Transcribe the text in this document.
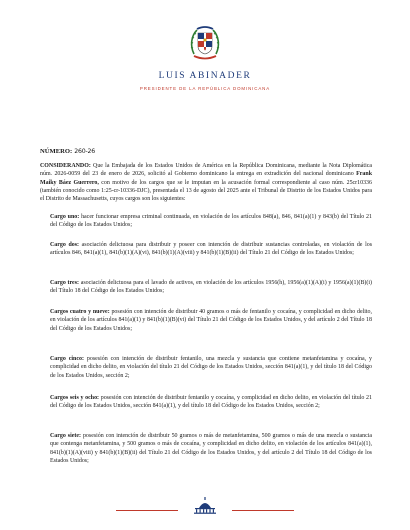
LUIS ABINADER
PRESIDENTE DE LA REPÚBLICA DOMINICANA
NÚMERO: 260-26
CONSIDERANDO: Que la Embajada de los Estados Unidos de América en la República Dominicana, mediante la Nota Diplomática núm. 2026-0059 del 23 de enero de 2026, solicitó al Gobierno dominicano la entrega en extradición del nacional dominicano Frank Maiky Báez Guerrero, con motivo de los cargos que se le imputan en la acusación formal correspondiente al caso núm. 25cr10336 (también conocido como 1:25-cr-10336-DJC), presentada el 13 de agosto del 2025 ante el Tribunal de Distrito de los Estados Unidos para el Distrito de Massachusetts, cuyos cargos son los siguientes:
Cargo uno: hacer funcionar empresa criminal continuada, en violación de los artículos 848(a), 846, 841(a)(1) y 843(b) del Título 21 del Código de los Estados Unidos;
Cargo dos: asociación delictuosa para distribuir y poseer con intención de distribuir sustancias controladas, en violación de los artículos 846, 841(a)(1), 841(b)(1)(A)(vi), 841(b)(1)(A)(viii) y 841(b)(1)(B)(ii) del Título 21 del Código de los Estados Unidos;
Cargo tres: asociación delictuosa para el lavado de activos, en violación de los artículos 1956(h), 1956(a)(1)(A)(i) y 1956(a)(1)(B)(i) del Título 18 del Código de los Estados Unidos;
Cargos cuatro y nueve: posesión con intención de distribuir 40 gramos o más de fentanilo y cocaína, y complicidad en dicho delito, en violación de los artículos 841(a)(1) y 841(b)(1)(B)(vi) del Título 21 del Código de los Estados Unidos, y del artículo 2 del Título 18 del Código de los Estados Unidos;
Cargo cinco: posesión con intención de distribuir fentanilo, una mezcla y sustancia que contiene metanfetamina y cocaína, y complicidad en dicho delito, en violación del título 21 del Código de los Estados Unidos, sección 841(a)(1), y del título 18 del Código de los Estados Unidos, sección 2;
Cargos seis y ocho: posesión con intención de distribuir fentanilo y cocaína, y complicidad en dicho delito, en violación del título 21 del Código de los Estados Unidos, sección 841(a)(1), y del título 18 del Código de los Estados Unidos, sección 2;
Cargo siete: posesión con intención de distribuir 50 gramos o más de metanfetamina, 500 gramos o más de una mezcla o sustancia que contenga metanfetamina, y 500 gramos o más de cocaína, y complicidad en dicho delito, en violación de los artículos 841(a)(1), 841(b)(1)(A)(viii) y 841(b)(1)(B)(ii) del Título 21 del Código de los Estados Unidos, y del artículo 2 del Título 18 del Código de los Estados Unidos;
